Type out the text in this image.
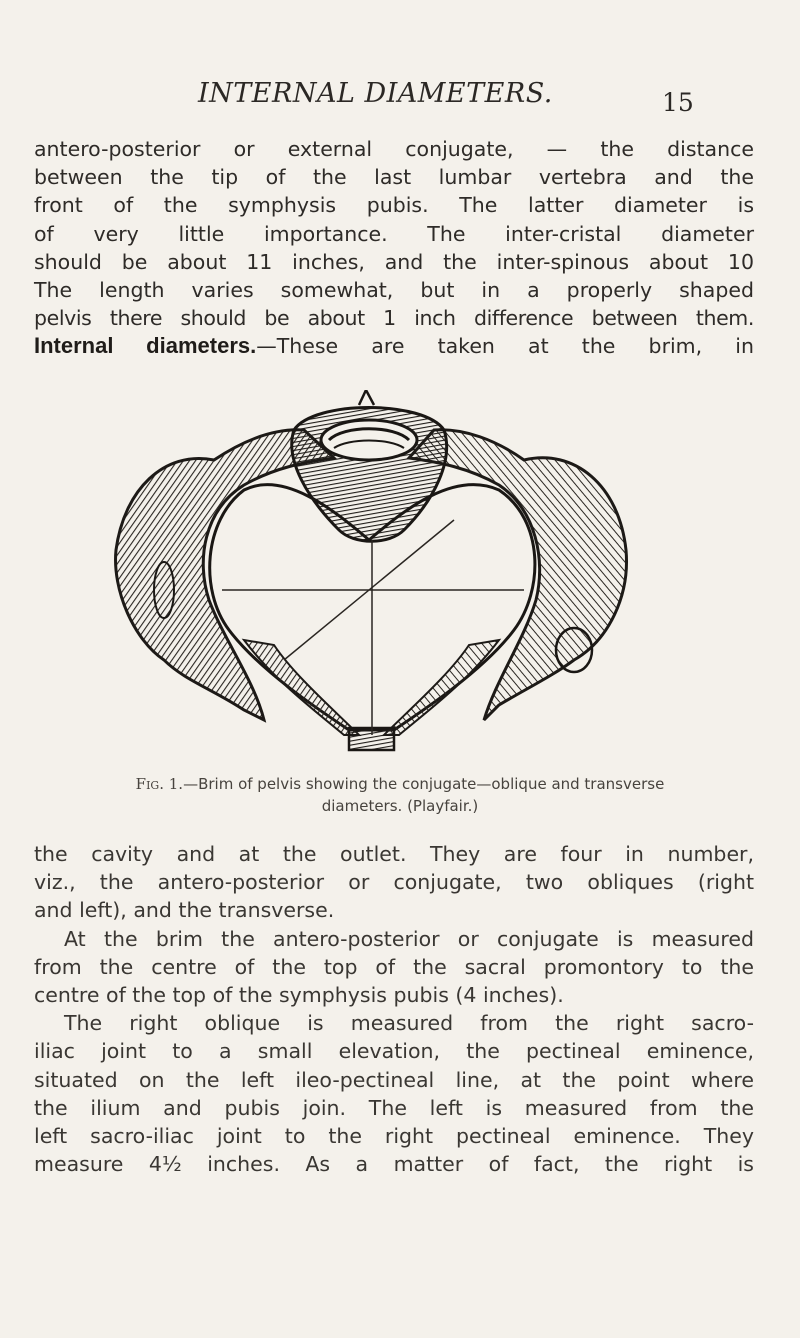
INTERNAL DIAMETERS.	15
antero-posterior or external conjugate, — the distance
between the tip of the last lumbar vertebra and the
front of the symphysis pubis. The latter diameter is
of very little importance. The inter-cristal diameter
should be about 11 inches, and the inter-spinous about 10
The length varies somewhat, but in a properly shaped
pelvis there should be about 1 inch difference between them.
Internal diameters.—These are taken at the brim, in
Fig. 1.—Brim of pelvis showing the conjugate—oblique and transverse
diameters. (Playfair.)
the cavity and at the outlet. They are four in number,
viz., the antero-posterior or conjugate, two obliques (right
and left), and the transverse.
At the brim the antero-posterior or conjugate is measured
from the centre of the top of the sacral promontory to the
centre of the top of the symphysis pubis (4 inches).
The right oblique is measured from the right sacro-
iliac joint to a small elevation, the pectineal eminence,
situated on the left ileo-pectineal line, at the point where
the ilium and pubis join. The left is measured from the
left sacro-iliac joint to the right pectineal eminence. They
measure 4½ inches. As a matter of fact, the right is
